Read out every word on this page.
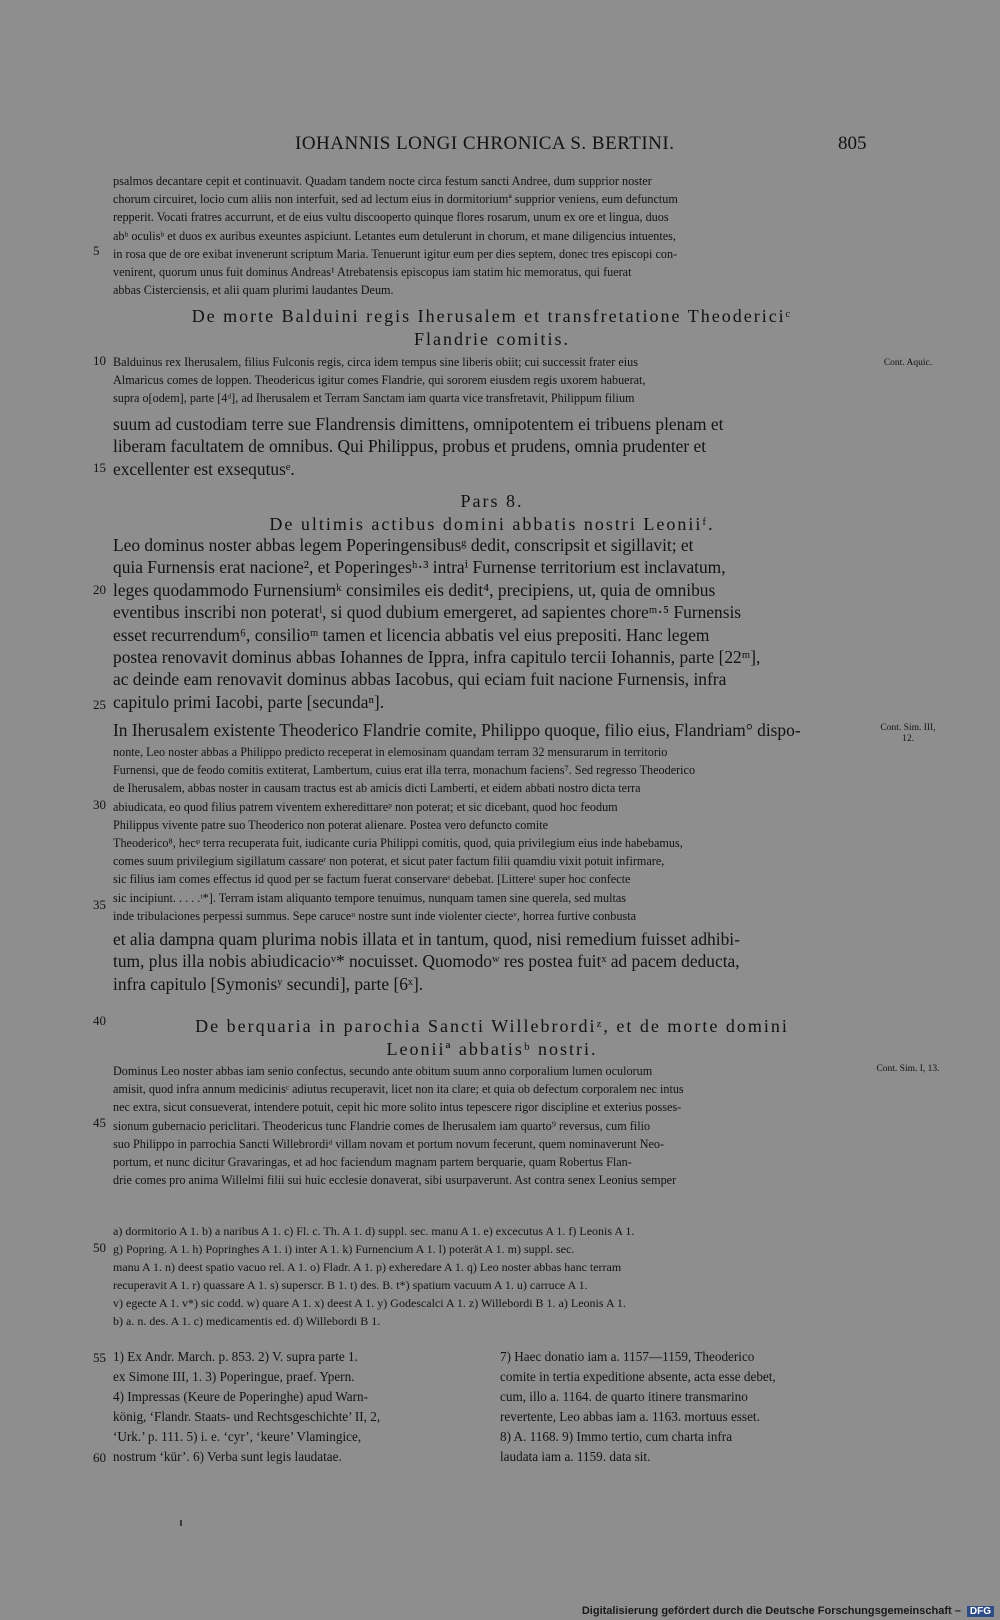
IOHANNIS LONGI CHRONICA S. BERTINI.	805
psalmos decantare cepit et continuavit. Quadam tandem nocte circa festum sancti Andree, dum supprior noster
chorum circuiret, locio cum aliis non interfuit, sed ad lectum eius in dormitoriumª supprior veniens, eum defunctum
repperit. Vocati fratres accurrunt, et de eius vultu discooperto quinque flores rosarum, unum ex ore et lingua, duos
abᵇ oculisᵇ et duos ex auribus exeuntes aspiciunt. Letantes eum detulerunt in chorum, et mane diligencius intuentes,
in rosa que de ore exibat invenerunt scriptum Maria. Tenuerunt igitur eum per dies septem, donec tres episcopi con-
venirent, quorum unus fuit dominus Andreas¹ Atrebatensis episcopus iam statim hic memoratus, qui fuerat
abbas Cisterciensis, et alii quam plurimi laudantes Deum.
De morte Balduini regis Iherusalem et transfretatione Theodericiᶜ
Flandrie comitis.
Balduinus rex Iherusalem, filius Fulconis regis, circa idem tempus sine liberis obiit; cui successit frater eius
Almaricus comes de loppen. Theodericus igitur comes Flandrie, qui sororem eiusdem regis uxorem habuerat,
supra o[odem], parte [4ᵈ], ad Iherusalem et Terram Sanctam iam quarta vice transfretavit, Philippum filium
suum ad custodiam terre sue Flandrensis dimittens, omnipotentem ei tribuens plenam et
liberam facultatem de omnibus. Qui Philippus, probus et prudens, omnia prudenter et
excellenter est exsequtusᵉ.
Pars 8.
De ultimis actibus domini abbatis nostri Leoniiᶠ.
Leo dominus noster abbas legem Poperingensibusᵍ dedit, conscripsit et sigillavit; et
quia Furnensis erat nacione², et Poperingesʰ·³ intraⁱ Furnense territorium est inclavatum,
leges quodammodo Furnensiumᵏ consimiles eis dedit⁴, precipiens, ut, quia de omnibus
eventibus inscribi non poteratˡ, si quod dubium emergeret, ad sapientes choreᵐ·⁵ Furnensis
esset recurrendum⁶, consilioᵐ tamen et licencia abbatis vel eius prepositi. Hanc legem
postea renovavit dominus abbas Iohannes de Ippra, infra capitulo tercii Iohannis, parte [22ᵐ],
ac deinde eam renovavit dominus abbas Iacobus, qui eciam fuit nacione Furnensis, infra
capitulo primi Iacobi, parte [secundaⁿ].
In Iherusalem existente Theoderico Flandrie comite, Philippo quoque, filio eius, Flandriam° dispo-
nonte, Leo noster abbas a Philippo predicto receperat in elemosinam quandam terram 32 mensurarum in territorio
Furnensi, que de feodo comitis extiterat, Lambertum, cuius erat illa terra, monachum faciens⁷. Sed regresso Theoderico
de Iherusalem, abbas noster in causam tractus est ab amicis dicti Lamberti, et eidem abbati nostro dicta terra
abiudicata, eo quod filius patrem viventem exheredittareᵖ non poterat; et sic dicebant, quod hoc feodum
Philippus vivente patre suo Theoderico non poterat alienare. Postea vero defuncto comite
Theoderico⁸, hecᵠ terra recuperata fuit, iudicante curia Philippi comitis, quod, quia privilegium eius inde habebamus,
comes suum privilegium sigillatum cassareʳ non poterat, et sicut pater factum filii quamdiu vixit potuit infirmare,
sic filius iam comes effectus id quod per se factum fuerat conservareˢ debebat. [Littereᵗ super hoc confecte
sic incipiunt. . . . .ᵗ*]. Terram istam aliquanto tempore tenuimus, nunquam tamen sine querela, sed multas
inde tribulaciones perpessi summus. Sepe caruceᵘ nostre sunt inde violenter ciecteᵛ, horrea furtive conbusta
et alia dampna quam plurima nobis illata et in tantum, quod, nisi remedium fuisset adhibi-
tum, plus illa nobis abiudicacioᵛ* nocuisset. Quomodoʷ res postea fuitˣ ad pacem deducta,
infra capitulo [Symonisʸ secundi], parte [6ˣ].
De berquaria in parochia Sancti Willebrordiᶻ, et de morte domini
Leoniiª abbatisᵇ nostri.
Dominus Leo noster abbas iam senio confectus, secundo ante obitum suum anno corporalium lumen oculorum
amisit, quod infra annum medicinisᶜ adiutus recuperavit, licet non ita clare; et quia ob defectum corporalem nec intus
nec extra, sicut consueverat, intendere potuit, cepit hic more solito intus tepescere rigor discipline et exterius posses-
sionum gubernacio periclitari. Theodericus tunc Flandrie comes de Iherusalem iam quarto⁹ reversus, cum filio
suo Philippo in parrochia Sancti Willebrordiᵈ villam novam et portum novum fecerunt, quem nominaverunt Neo-
portum, et nunc dicitur Gravaringas, et ad hoc faciendum magnam partem berquarie, quam Robertus Flan-
drie comes pro anima Willelmi filii sui huic ecclesie donaverat, sibi usurpaverunt. Ast contra senex Leonius semper
a) dormitorio A 1. b) a naribus A 1. c) Fl. c. Th. A 1. d) suppl. sec. manu A 1. e) excecutus A 1. f) Leonis A 1.
g) Popring. A 1. h) Popringhes A 1. i) inter A 1. k) Furnencium A 1. l) poterät A 1. m) suppl. sec.
manu A 1. n) deest spatio vacuo rel. A 1. o) Fladr. A 1. p) exheredare A 1. q) Leo noster abbas hanc terram
recuperavit A 1. r) quassare A 1. s) superscr. B 1. t) des. B. t*) spatium vacuum A 1. u) carruce A 1.
v) egecte A 1. v*) sic codd. w) quare A 1. x) deest A 1. y) Godescalci A 1. z) Willebordi B 1. a) Leonis A 1.
b) a. n. des. A 1. c) medicamentis ed. d) Willebordi B 1.
1) Ex Andr. March. p. 853. 2) V. supra parte 1.
ex Simone III, 1. 3) Poperingue, praef. Ypern.
4) Impressas (Keure de Poperinghe) apud Warn-
könig, ‘Flandr. Staats- und Rechtsgeschichte’ II, 2,
‘Urk.’ p. 111. 5) i. e. ‘cyr’, ‘keure’ Vlamingice,
nostrum ‘kür’. 6) Verba sunt legis laudatae.
7) Haec donatio iam a. 1157—1159, Theoderico
comite in tertia expeditione absente, acta esse debet,
cum, illo a. 1164. de quarto itinere transmarino
revertente, Leo abbas iam a. 1163. mortuus esset.
8) A. 1168. 9) Immo tertio, cum charta infra
laudata iam a. 1159. data sit.
5
10
15
20
25
30
35
40
45
50
55
60
Cont. Aquic.
Cont. Sim. III, 12.
Cont. Sim. I, 13.
Digitalisierung gefördert durch die Deutsche Forschungsgemeinschaft – DFG
